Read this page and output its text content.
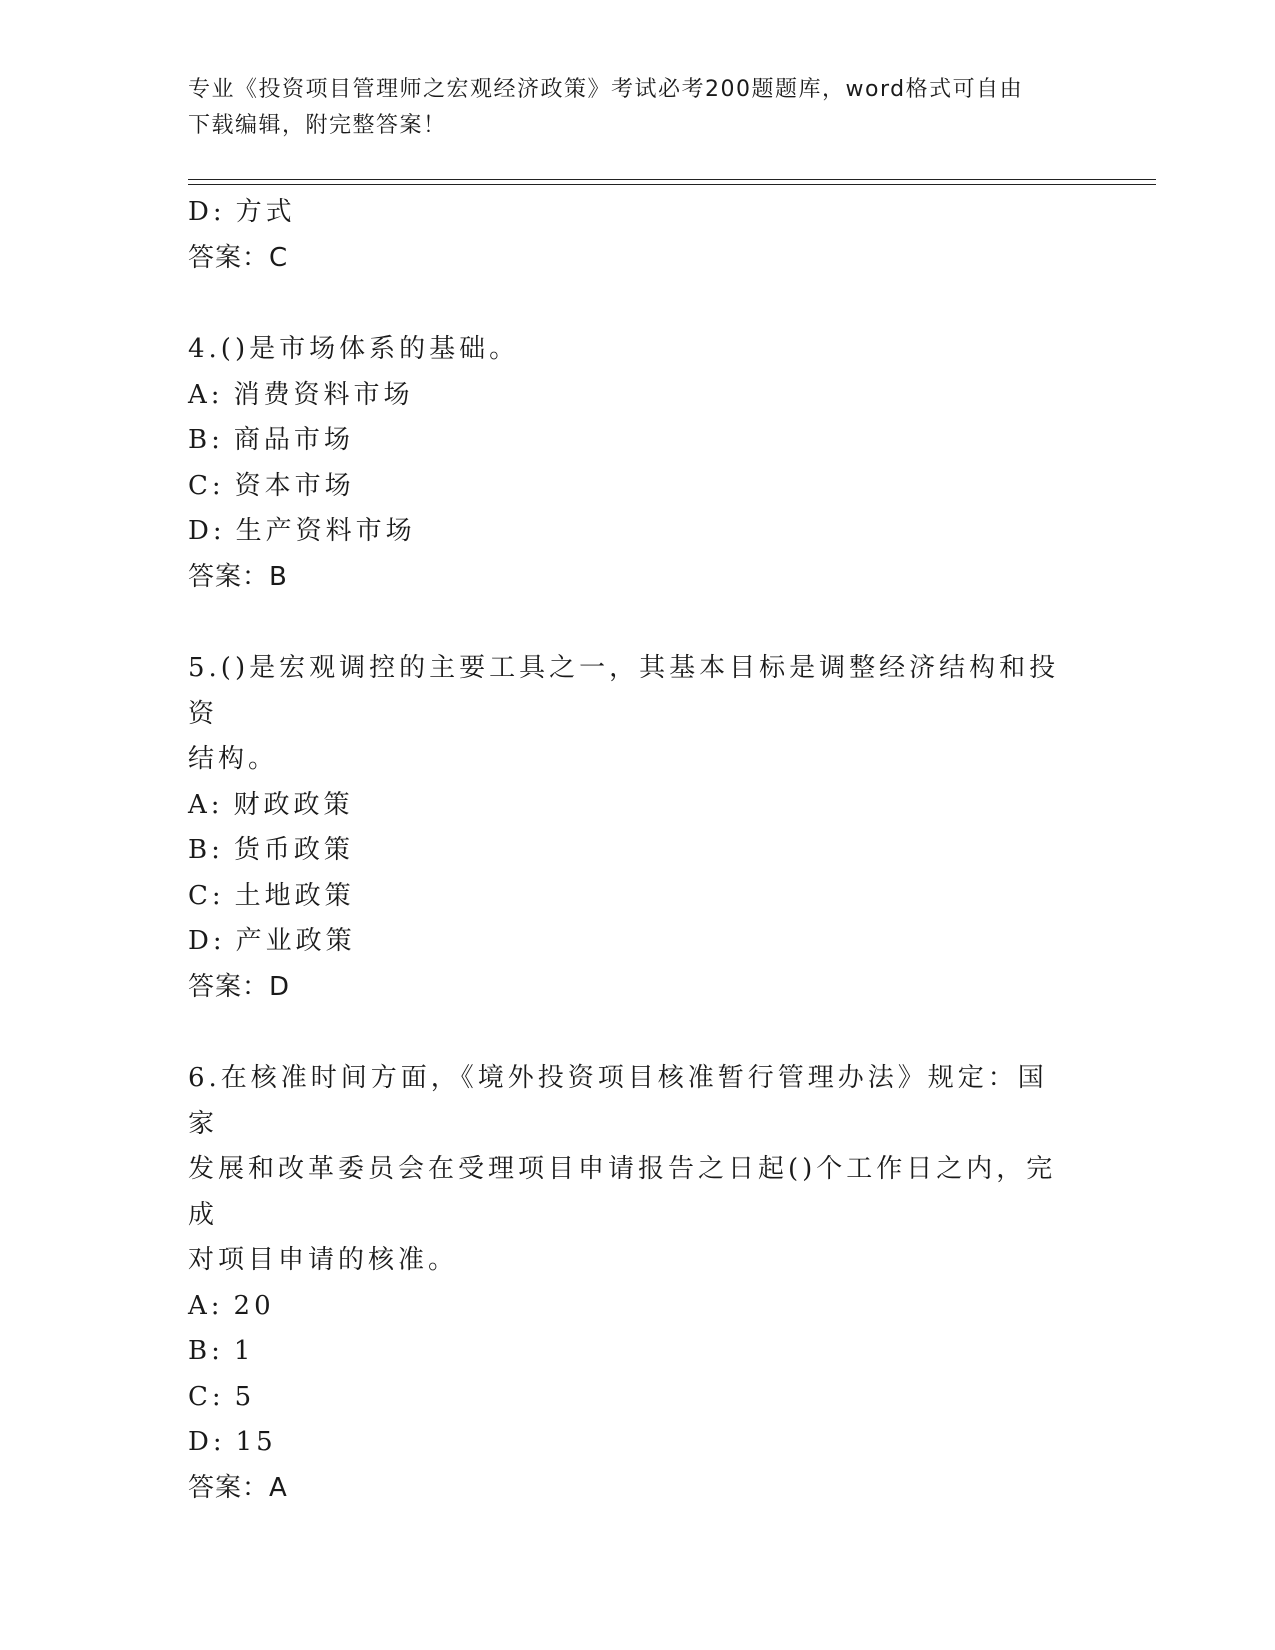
专业《投资项目管理师之宏观经济政策》考试必考200题题库，word格式可自由
下载编辑，附完整答案！
D: 方式
答案：C
4.()是市场体系的基础。
A: 消费资料市场
B: 商品市场
C: 资本市场
D: 生产资料市场
答案：B
5.()是宏观调控的主要工具之一，其基本目标是调整经济结构和投资
结构。
A: 财政政策
B: 货币政策
C: 土地政策
D: 产业政策
答案：D
6.在核准时间方面，《境外投资项目核准暂行管理办法》规定：国家
发展和改革委员会在受理项目申请报告之日起()个工作日之内，完成
对项目申请的核准。
A: 20
B: 1
C: 5
D: 15
答案：A
